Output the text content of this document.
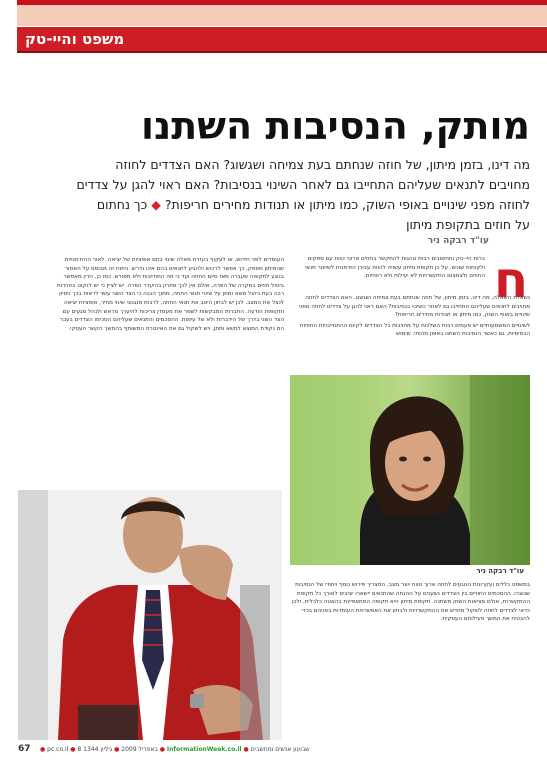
משפט והיי-טק
מותק, הנסיבות השתנו
מה דינו, בזמן מיתון, של חוזה שנחתם בעת צמיחה ושגשוג? האם הצדדים לחוזה
מחויבים לתנאים שעליהם התחייבו גם לאחר השינוי בנסיבות? האם ראוי להגן על צדדים
לחוזה מפני שינויים באופי השוק, כמו מיתון או תנודות מחירים חריפות? ◆ כך נחתום
על חוזים בתקופת מיתון
עו"ד רבקה ניר
ח
ברות היי-טק ותחשובים רבות נוהגות להתקשר בחוזים ארוכי טווח עם ספקים ולקוחות שונים. על כן תקופת מיתון עשויה להוות עבורן הזדמנות לשיפור תנאי החוזים ולצמצום התקשרויות לא יעילות ולא רווחיות.
נשאלת השאלה, מה דינו, בזמן מיתון, של חוזה שנחתם בעת צמיחה ושגשוג. האם הצדדים לחוזה מחויבים לתנאים שעליהם התחייבו גם לאחר השינוי בנסיבות? האם ראוי להגן על צדדים לחוזה מפני שינויים באופי השוק, כמו מיתון או תנודות מחירים חריפות?
לשינויים המשמעותיים יש פעמים רבות השלכות על מחויבות כל הצדדים לקיום ההתחייבויות החוזיות הבסיסיות, גם כאשר הנסיבות השתנו באופן מהותי. שימוש
העומדים לפני חידוש, או לעקוף בעזרת מאלה שינוי בתם אופציות של יציאה. לאור ההזדמנויות שהמיתון מספק, כך אפשר לרכוש ולהגיע לתנאים בהם אינו נדרש. ניתוח זה מבוסס על האמור בנוגע לתקופה שעברה מאז סיום החוזה ועד כי מה התחייבות ולא מפורש. כמו כן, הדין מאפשר ביטול חוזים במקרה של הפרה, אולם אין לכך פתרון בהיעדר הפרה. יש לציין כי יש לנקוט בזהירות רבה בעת ניהול משא ומתן על שינוי תנאי החוזה, מתוך הבנה כי הצד השני עשוי לראות בכך ניסיון לנצל את המצב. לכן יש לבחון היטב את תנאי החוזה, לרבות מנגנוני שינוי מחיר, אופציות יציאה ותקופות הודעה. החברות המבקשות לשפר את מעמדן צריכות להיערך מראש ולנהל מגעים עם הצד השני בדרך של הידברות ולא של עימות. ההסכמים והתנאים שעליהם הסכימו הצדדים בעבר הם נקודת המוצא למשא ומתן, ויש לשקול גם את האינטרס המשותף בהמשך הקשר העסקי.
עו"ד רבקה ניר
במשפט כללים ועקרונות הנוגעים לחוזה ארוך טווח יוצר מצב, המצריך פירוש נוסף ויחודי של הנסיבות שנוצרו. ההסכמים החוזיים בין הצדדים נשענים על ההנחה שהתנאים יישארו יציבים לאורך כל תקופת ההתקשרות, אולם מציאות השוק משתנה. תקופת מיתון היא תקופה המתאפיינת בהאטה כלכלית, ולכן כדאי לצדדים לחוזה לשקול מחדש את ההתקשרויות ולבחון את האפשרויות העומדות בפניהם בכדי להבטיח את המשך פעילותם העסקית.
67 ● pc.co.il ● 8 באפריל 2009 ● גיליון 1344	● InformationWeek.co.il ● שבועון אנשים ומחשבים
